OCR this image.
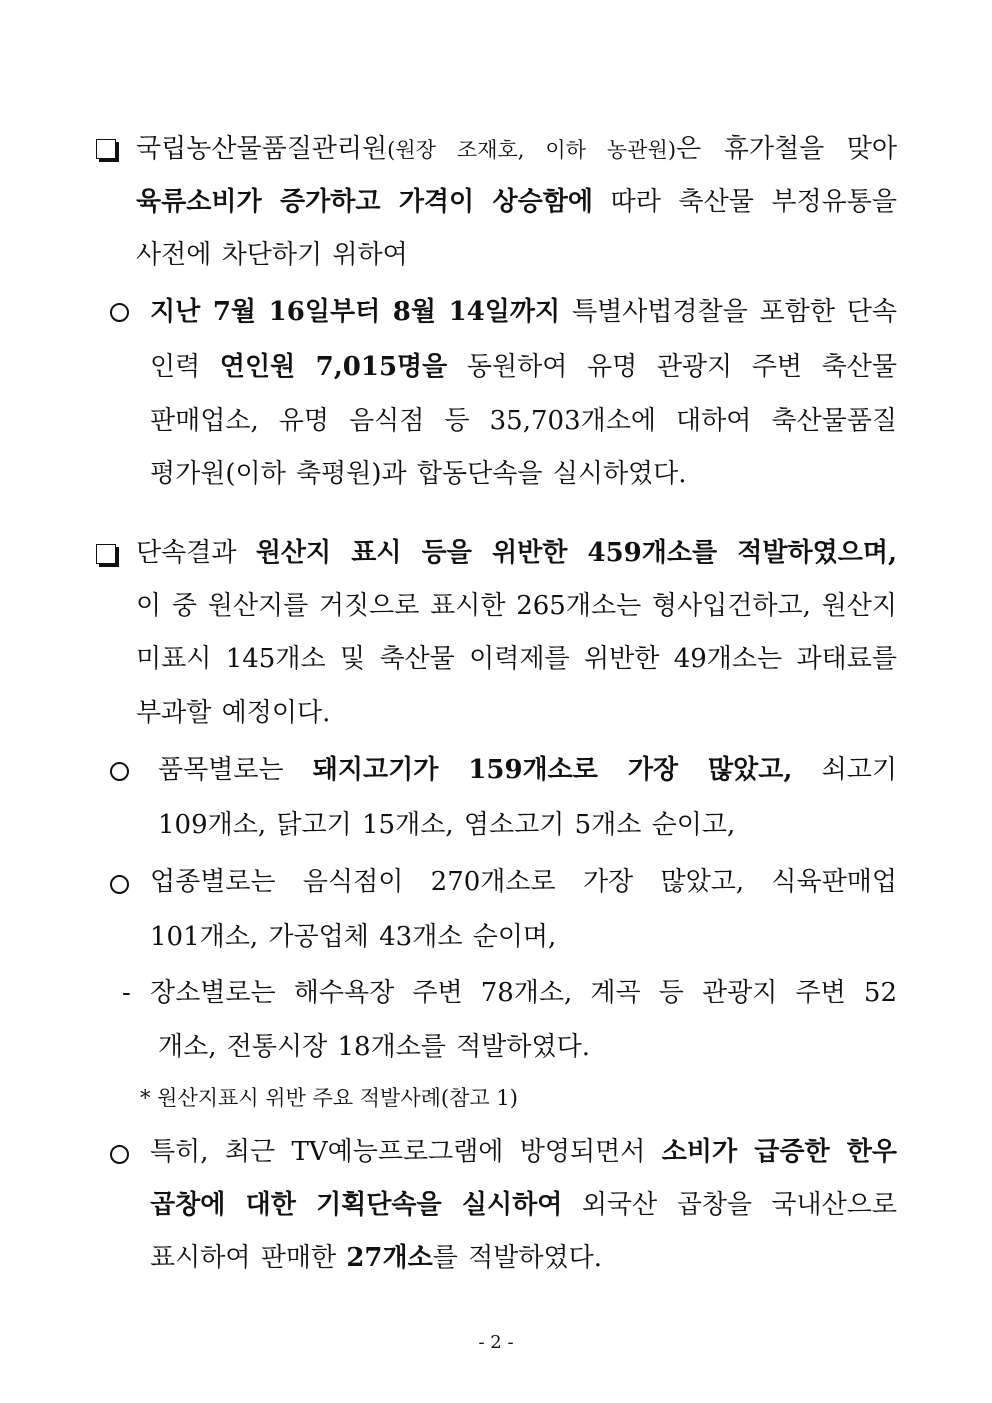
국립농산물품질관리원(원장 조재호, 이하 농관원)은 휴가철을 맞아
육류소비가 증가하고 가격이 상승함에 따라 축산물 부정유통을
사전에 차단하기 위하여
지난 7월 16일부터 8월 14일까지 특별사법경찰을 포함한 단속
인력 연인원 7,015명을 동원하여 유명 관광지 주변 축산물
판매업소, 유명 음식점 등 35,703개소에 대하여 축산물품질
평가원(이하 축평원)과 합동단속을 실시하였다.
단속결과 원산지 표시 등을 위반한 459개소를 적발하였으며,
이 중 원산지를 거짓으로 표시한 265개소는 형사입건하고, 원산지
미표시 145개소 및 축산물 이력제를 위반한 49개소는 과태료를
부과할 예정이다.
품목별로는 돼지고기가 159개소로 가장 많았고, 쇠고기
109개소, 닭고기 15개소, 염소고기 5개소 순이고,
업종별로는 음식점이 270개소로 가장 많았고, 식육판매업
101개소, 가공업체 43개소 순이며,
- 장소별로는 해수욕장 주변 78개소, 계곡 등 관광지 주변 52
개소, 전통시장 18개소를 적발하였다.
* 원산지표시 위반 주요 적발사례(참고 1)
특히, 최근 TV예능프로그램에 방영되면서 소비가 급증한 한우
곱창에 대한 기획단속을 실시하여 외국산 곱창을 국내산으로
표시하여 판매한 27개소를 적발하였다.
- 2 -
